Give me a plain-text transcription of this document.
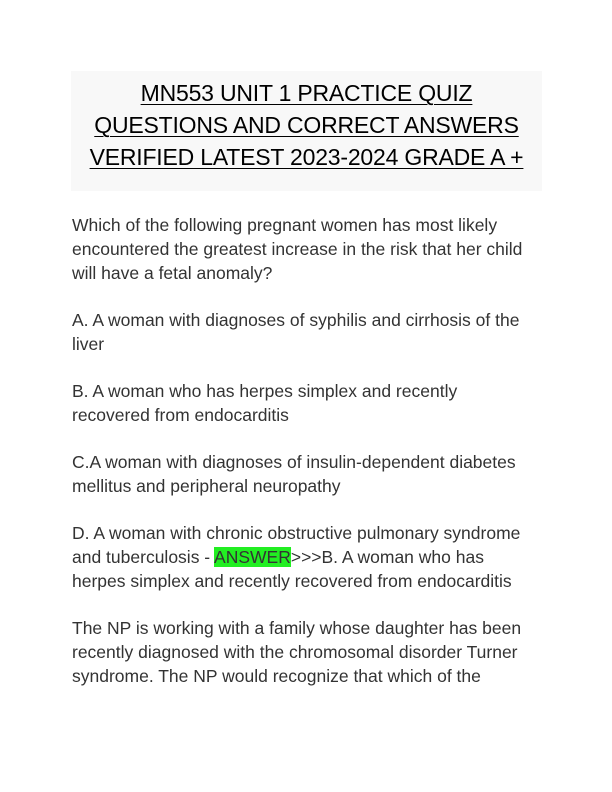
MN553 UNIT 1 PRACTICE QUIZ
QUESTIONS AND CORRECT ANSWERS
VERIFIED LATEST 2023-2024 GRADE A +

Which of the following pregnant women has most likely
encountered the greatest increase in the risk that her child
will have a fetal anomaly?

A. A woman with diagnoses of syphilis and cirrhosis of the
liver

B. A woman who has herpes simplex and recently
recovered from endocarditis

C.A woman with diagnoses of insulin-dependent diabetes
mellitus and peripheral neuropathy

D. A woman with chronic obstructive pulmonary syndrome
and tuberculosis - ANSWER>>>B. A woman who has
herpes simplex and recently recovered from endocarditis

The NP is working with a family whose daughter has been
recently diagnosed with the chromosomal disorder Turner
syndrome. The NP would recognize that which of the
